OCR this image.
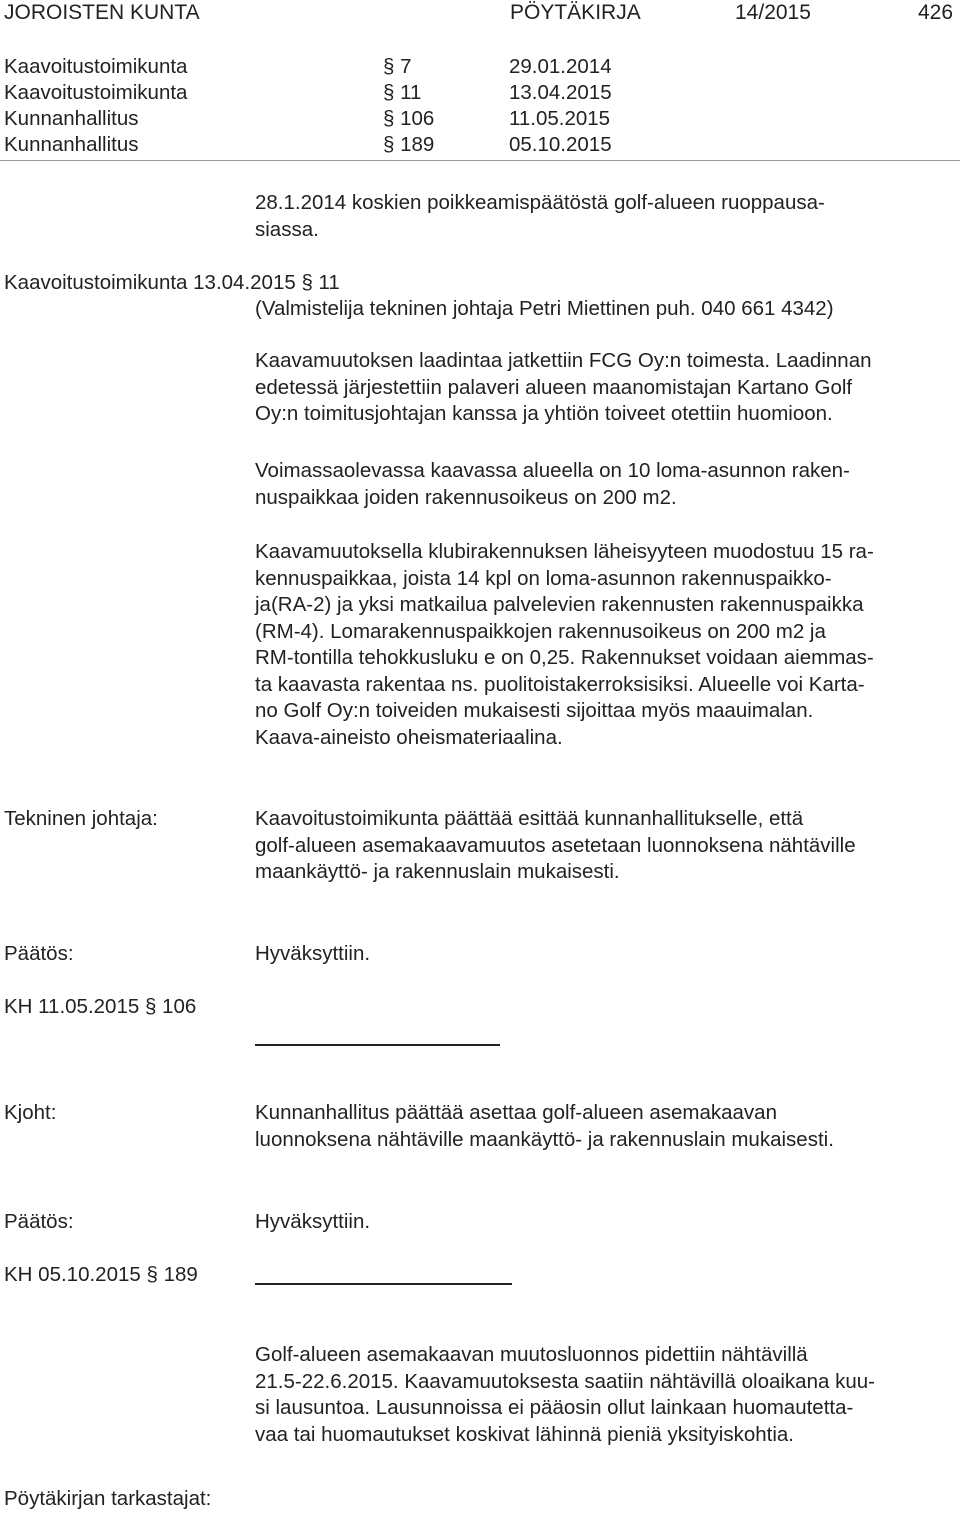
JOROISTEN KUNTA	PÖYTÄKIRJA	14/2015	426
Kaavoitustoimikunta	§ 7	29.01.2014
Kaavoitustoimikunta	§ 11	13.04.2015
Kunnanhallitus	§ 106	11.05.2015
Kunnanhallitus	§ 189	05.10.2015
28.1.2014 koskien poikkeamispäätöstä golf-alueen ruoppausa-
siassa.
Kaavoitustoimikunta 13.04.2015 § 11
(Valmistelija tekninen johtaja Petri Miettinen puh. 040 661 4342)
Kaavamuutoksen laadintaa jatkettiin FCG Oy:n toimesta. Laadinnan
edetessä järjestettiin palaveri alueen maanomistajan Kartano Golf
Oy:n toimitusjohtajan kanssa ja yhtiön toiveet otettiin huomioon.
Voimassaolevassa kaavassa alueella on 10 loma-asunnon raken-
nuspaikkaa joiden rakennusoikeus on 200 m2.
Kaavamuutoksella klubirakennuksen läheisyyteen muodostuu 15 ra-
kennuspaikkaa, joista 14 kpl on loma-asunnon rakennuspaikko-
ja(RA-2) ja yksi matkailua palvelevien rakennusten rakennuspaikka
(RM-4). Lomarakennuspaikkojen rakennusoikeus on 200 m2 ja
RM-tontilla tehokkusluku e on 0,25. Rakennukset voidaan aiemmas-
ta kaavasta rakentaa ns. puolitoistakerroksisiksi. Alueelle voi Karta-
no Golf Oy:n toiveiden mukaisesti sijoittaa myös maauimalan.
Kaava-aineisto oheismateriaalina.
Tekninen johtaja:	Kaavoitustoimikunta päättää esittää kunnanhallitukselle, että
golf-alueen asemakaavamuutos asetetaan luonnoksena nähtäville
maankäyttö- ja rakennuslain mukaisesti.
Päätös:	Hyväksyttiin.
KH 11.05.2015 § 106
Kjoht:	Kunnanhallitus päättää asettaa golf-alueen asemakaavan
luonnoksena nähtäville maankäyttö- ja rakennuslain mukaisesti.
Päätös:	Hyväksyttiin.
KH 05.10.2015 § 189
Golf-alueen asemakaavan muutosluonnos pidettiin nähtävillä
21.5-22.6.2015. Kaavamuutoksesta saatiin nähtävillä oloaikana kuu-
si lausuntoa. Lausunnoissa ei pääosin ollut lainkaan huomautetta-
vaa tai huomautukset koskivat lähinnä pieniä yksityiskohtia.
Pöytäkirjan tarkastajat:
